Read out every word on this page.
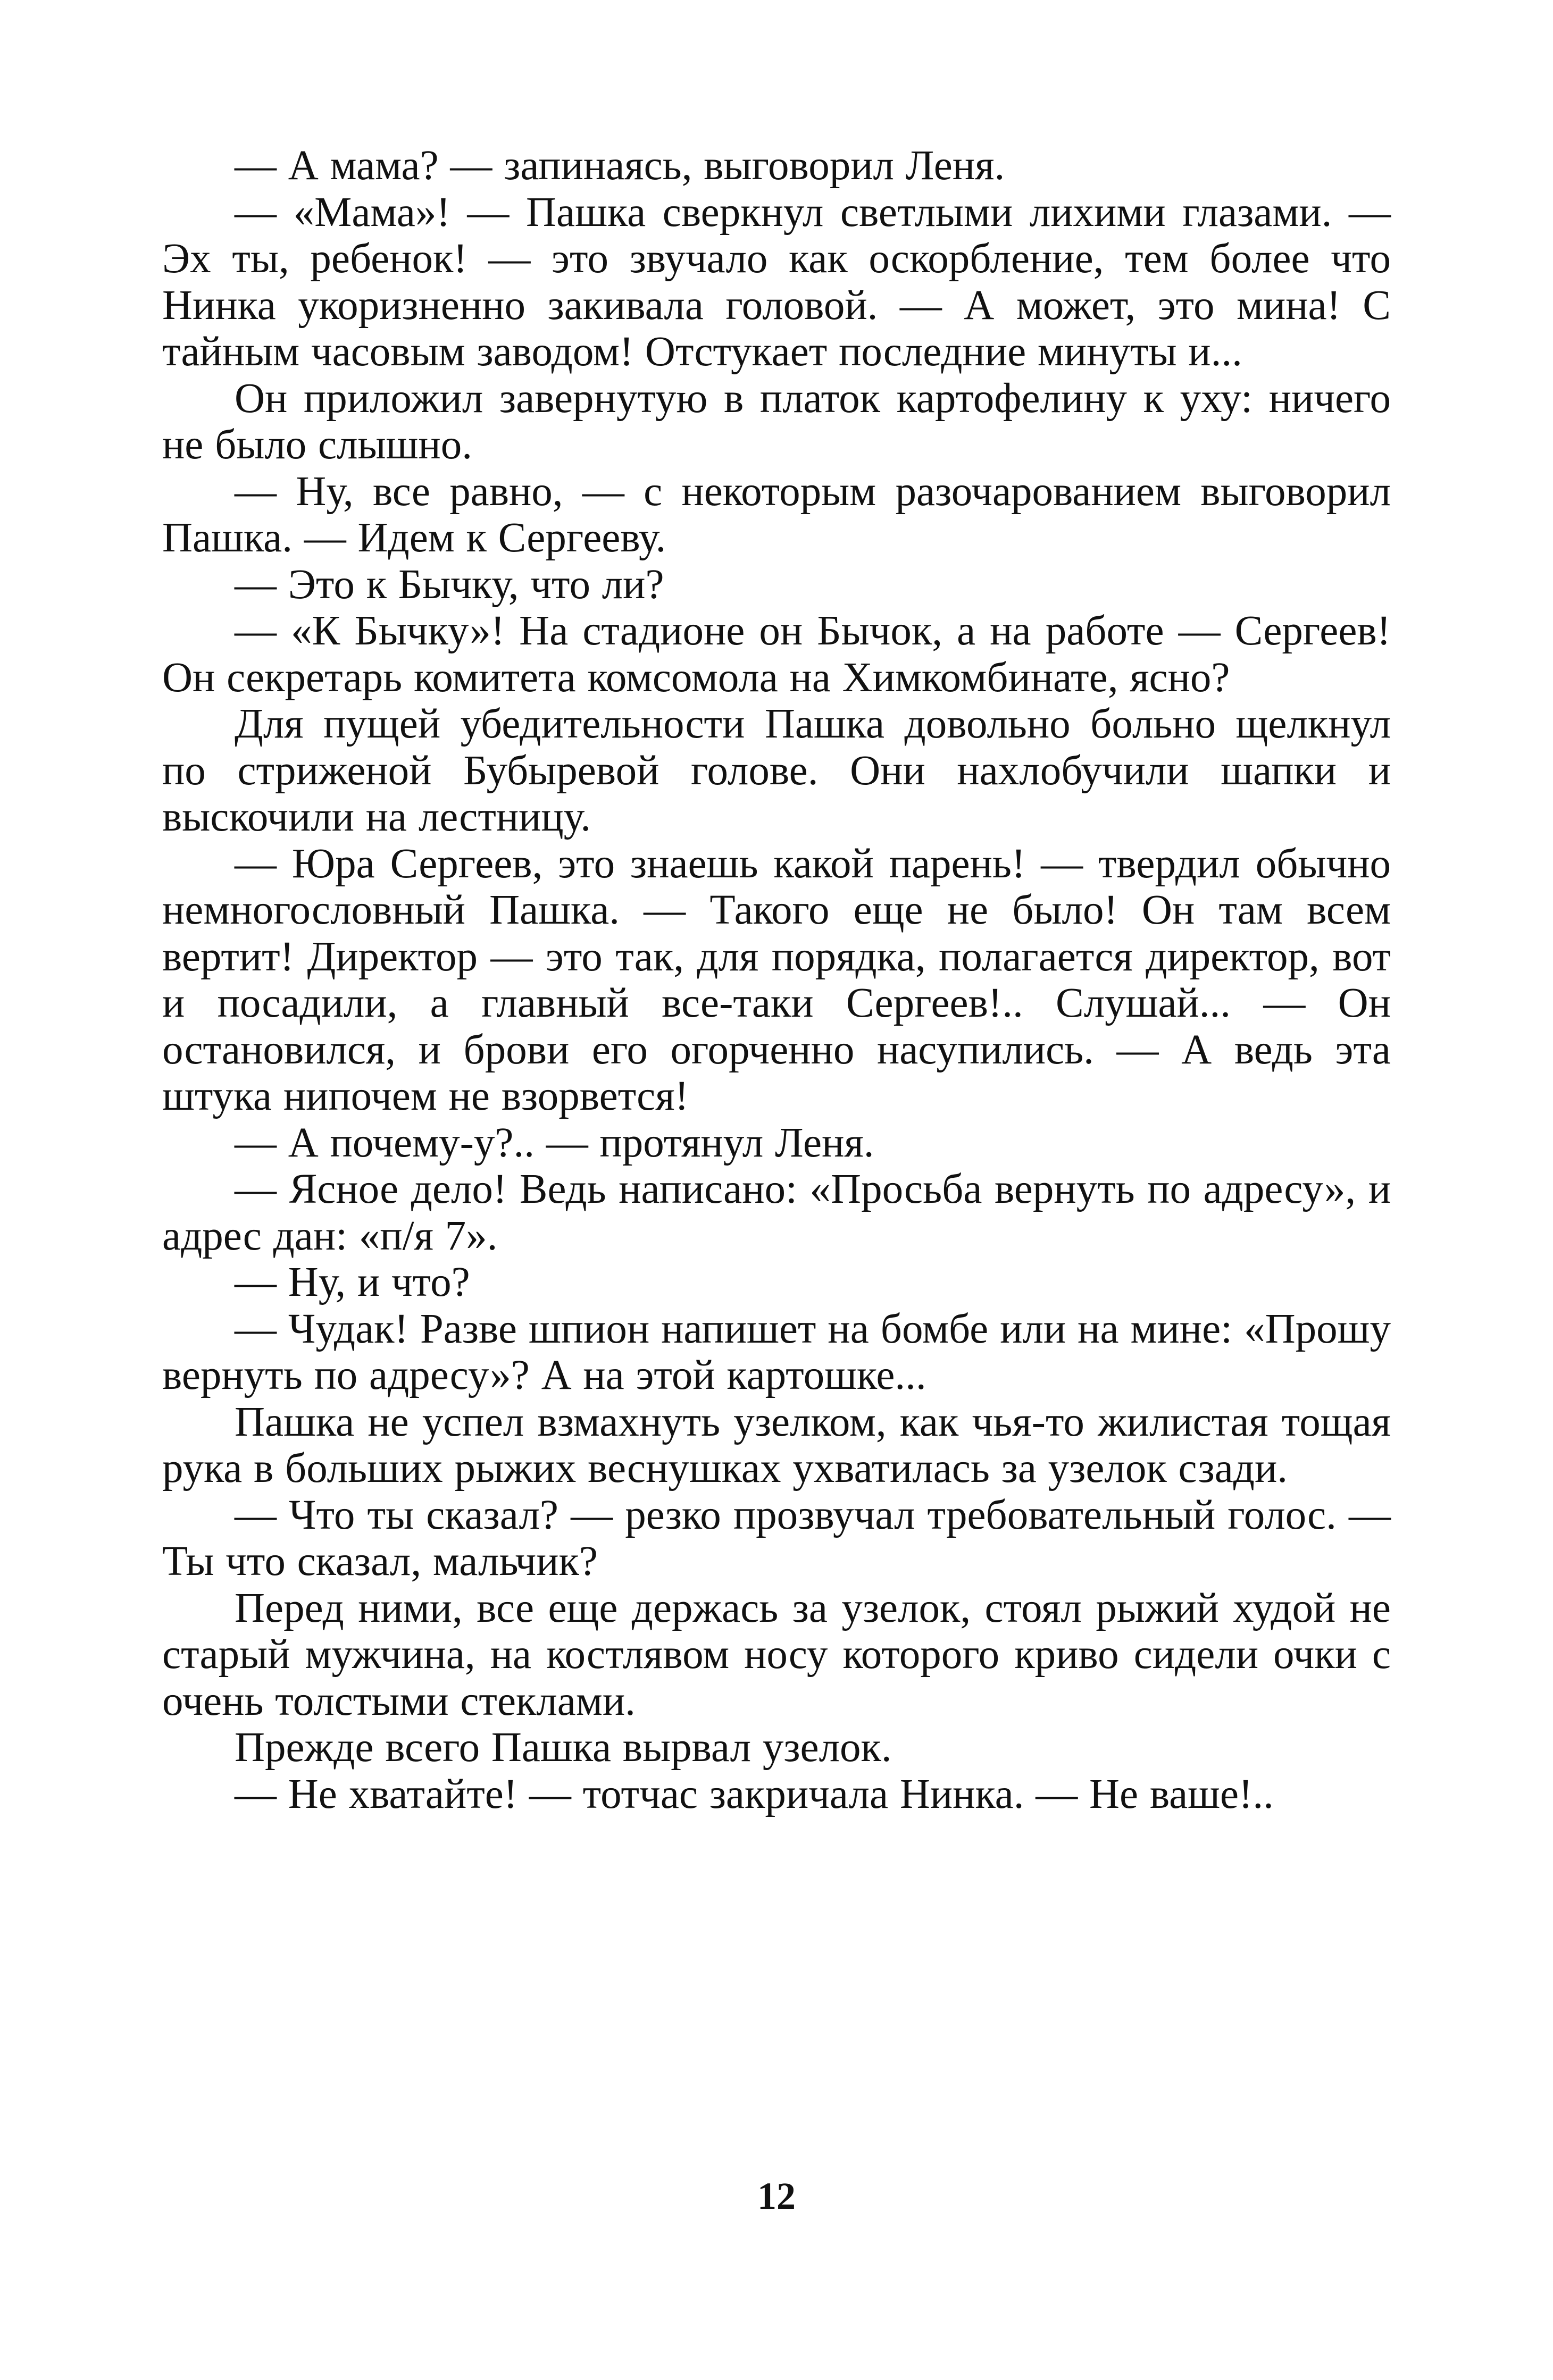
— А мама? — запинаясь, выговорил Леня.

— «Мама»! — Пашка сверкнул светлыми лихими глазами. — Эх ты, ребенок! — это звучало как оскорбление, тем более что Нинка укоризненно закивала головой. — А может, это мина! С тайным часовым заводом! Отстукает последние минуты и...

Он приложил завернутую в платок картофелину к уху: ничего не было слышно.

— Ну, все равно, — с некоторым разочарованием выговорил Пашка. — Идем к Сергееву.

— Это к Бычку, что ли?

— «К Бычку»! На стадионе он Бычок, а на работе — Сергеев! Он секретарь комитета комсомола на Химкомбинате, ясно?

Для пущей убедительности Пашка довольно больно щелкнул по стриженой Бубыревой голове. Они нахлобучили шапки и выскочили на лестницу.

— Юра Сергеев, это знаешь какой парень! — твердил обычно немногословный Пашка. — Такого еще не было! Он там всем вертит! Директор — это так, для порядка, полагается директор, вот и посадили, а главный все-таки Сергеев!.. Слушай... — Он остановился, и брови его огорченно насупились. — А ведь эта штука нипочем не взорвется!

— А почему-у?.. — протянул Леня.

— Ясное дело! Ведь написано: «Просьба вернуть по адресу», и адрес дан: «п/я 7».

— Ну, и что?

— Чудак! Разве шпион напишет на бомбе или на мине: «Прошу вернуть по адресу»? А на этой картошке...

Пашка не успел взмахнуть узелком, как чья-то жилистая тощая рука в больших рыжих веснушках ухватилась за узелок сзади.

— Что ты сказал? — резко прозвучал требовательный голос. — Ты что сказал, мальчик?

Перед ними, все еще держась за узелок, стоял рыжий худой не старый мужчина, на костлявом носу которого криво сидели очки с очень толстыми стеклами.

Прежде всего Пашка вырвал узелок.

— Не хватайте! — тотчас закричала Нинка. — Не ваше!..

12
